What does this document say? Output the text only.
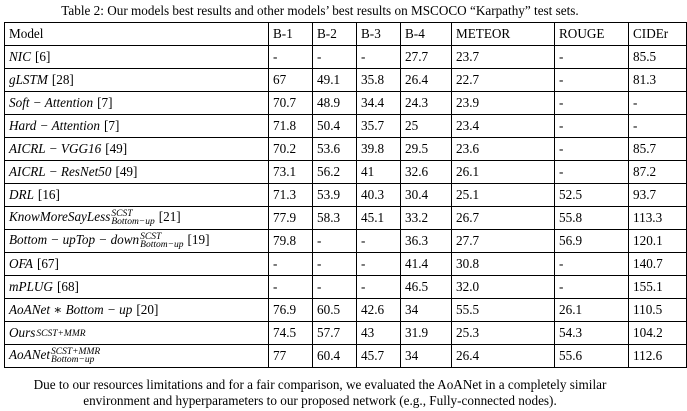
Table 2: Our models best results and other models’ best results on MSCOCO “Karpathy” test sets.
Model	B-1	B-2	B-3	B-4	METEOR	ROUGE	CIDEr
NIC [6]	-	-	-	27.7	23.7	-	85.5
gLSTM [28]	67	49.1	35.8	26.4	22.7	-	81.3
Soft − Attention [7]	70.7	48.9	34.4	24.3	23.9	-	-
Hard − Attention [7]	71.8	50.4	35.7	25	23.4	-	-
AICRL − VGG16 [49]	70.2	53.6	39.8	29.5	23.6	-	85.7
AICRL − ResNet50 [49]	73.1	56.2	41	32.6	26.1	-	87.2
DRL [16]	71.3	53.9	40.3	30.4	25.1	52.5	93.7
KnowMoreSayLess SCST
Bottom−up [21]	77.9	58.3	45.1	33.2	26.7	55.8	113.3
Bottom − upTop − down SCST
Bottom−up [19]	79.8	-	-	36.3	27.7	56.9	120.1
OFA [67]	-	-	-	41.4	30.8	-	140.7
mPLUG [68]	-	-	-	46.5	32.0	-	155.1
AoANet ∗ Bottom − up [20]	76.9	60.5	42.6	34	55.5	26.1	110.5
Ours SCST+MMR	74.5	57.7	43	31.9	25.3	54.3	104.2
AoANet SCST+MMR
Bottom−up	77	60.4	45.7	34	26.4	55.6	112.6
Due to our resources limitations and for a fair comparison, we evaluated the AoANet in a completely similar
environment and hyperparameters to our proposed network (e.g., Fully-connected nodes).
